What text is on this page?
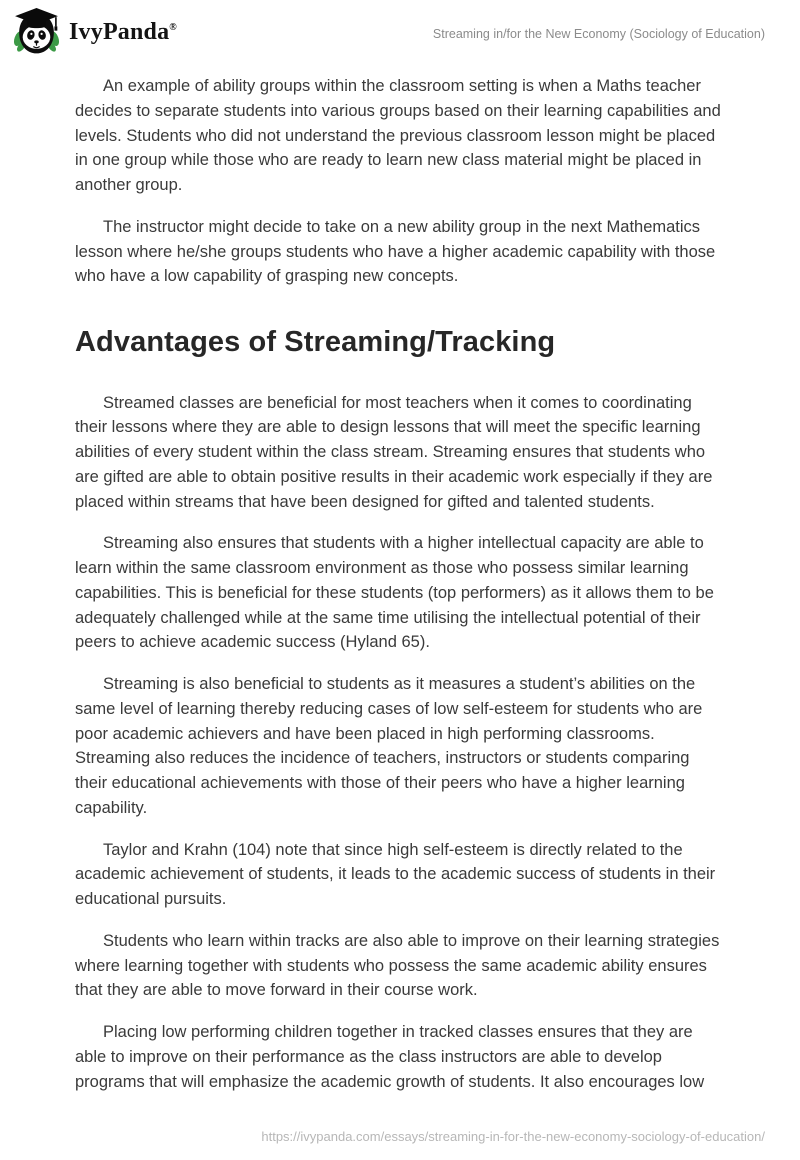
IvyPanda®	Streaming in/for the New Economy (Sociology of Education)

An example of ability groups within the classroom setting is when a Maths teacher decides to separate students into various groups based on their learning capabilities and levels. Students who did not understand the previous classroom lesson might be placed in one group while those who are ready to learn new class material might be placed in another group.

The instructor might decide to take on a new ability group in the next Mathematics lesson where he/she groups students who have a higher academic capability with those who have a low capability of grasping new concepts.

Advantages of Streaming/Tracking

Streamed classes are beneficial for most teachers when it comes to coordinating their lessons where they are able to design lessons that will meet the specific learning abilities of every student within the class stream. Streaming ensures that students who are gifted are able to obtain positive results in their academic work especially if they are placed within streams that have been designed for gifted and talented students.

Streaming also ensures that students with a higher intellectual capacity are able to learn within the same classroom environment as those who possess similar learning capabilities. This is beneficial for these students (top performers) as it allows them to be adequately challenged while at the same time utilising the intellectual potential of their peers to achieve academic success (Hyland 65).

Streaming is also beneficial to students as it measures a student’s abilities on the same level of learning thereby reducing cases of low self-esteem for students who are poor academic achievers and have been placed in high performing classrooms. Streaming also reduces the incidence of teachers, instructors or students comparing their educational achievements with those of their peers who have a higher learning capability.

Taylor and Krahn (104) note that since high self-esteem is directly related to the academic achievement of students, it leads to the academic success of students in their educational pursuits.

Students who learn within tracks are also able to improve on their learning strategies where learning together with students who possess the same academic ability ensures that they are able to move forward in their course work.

Placing low performing children together in tracked classes ensures that they are able to improve on their performance as the class instructors are able to develop programs that will emphasize the academic growth of students. It also encourages low

https://ivypanda.com/essays/streaming-in-for-the-new-economy-sociology-of-education/
